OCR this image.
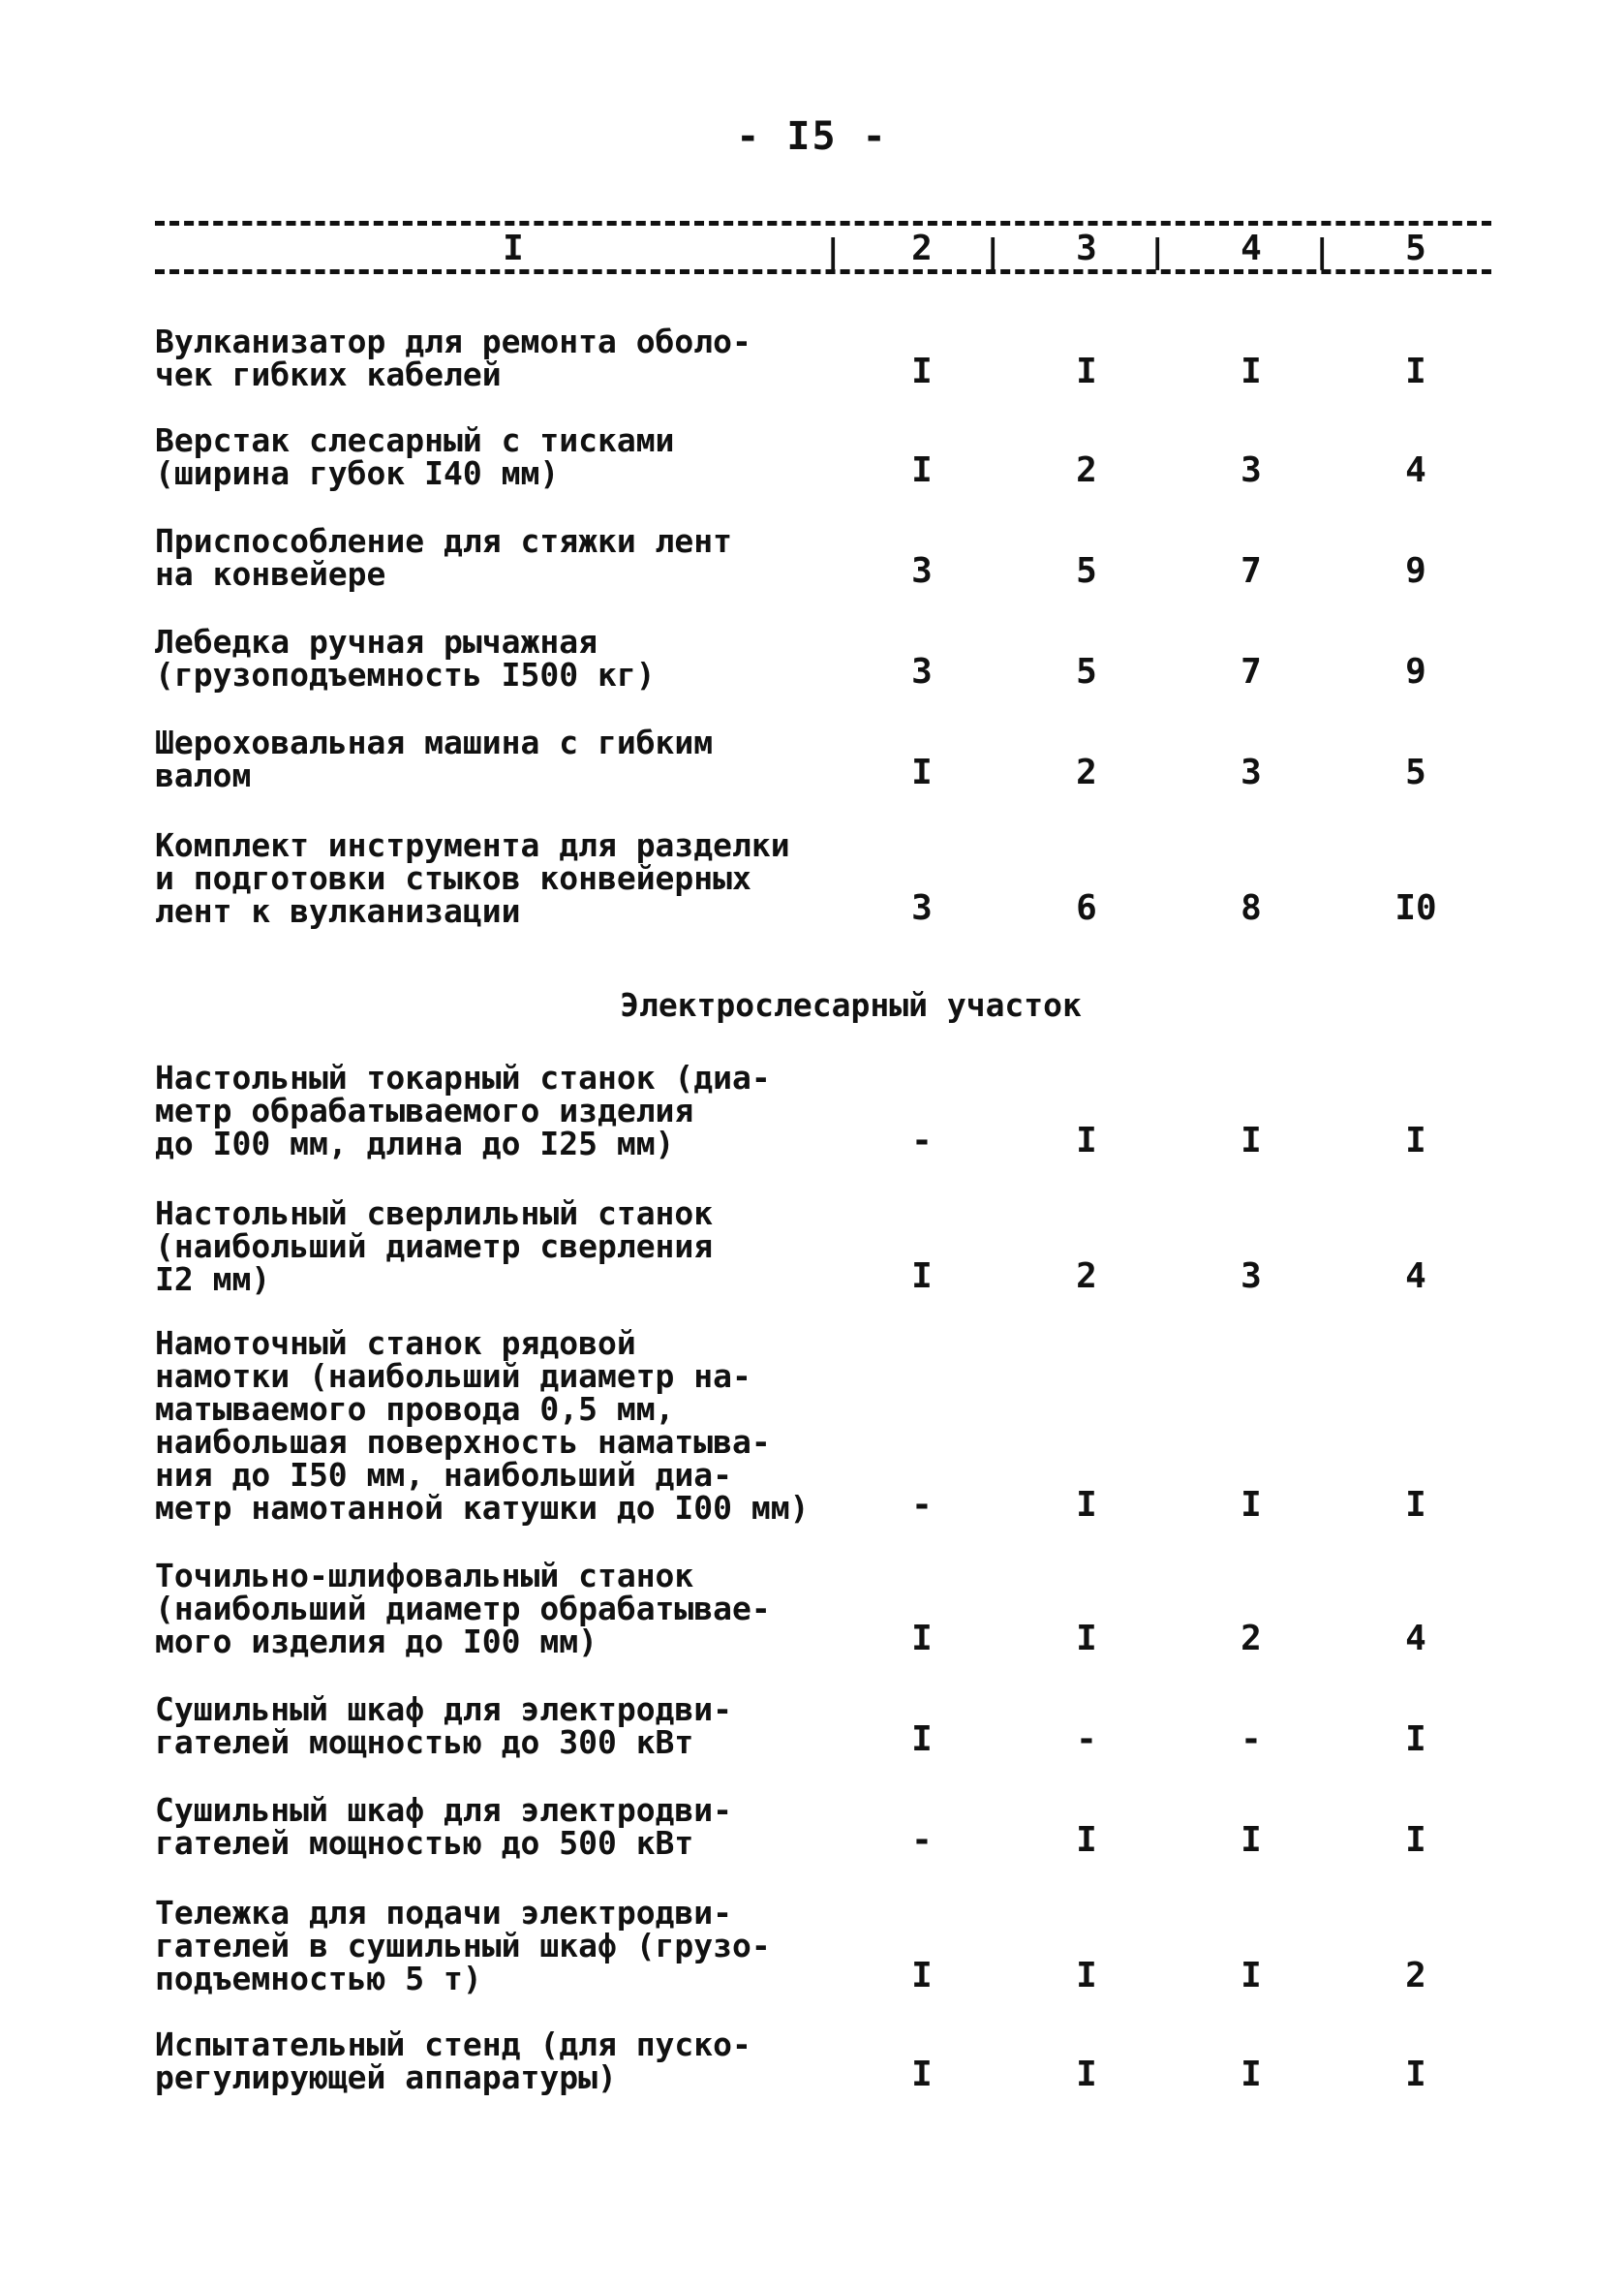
- I5 -
I	|	2	|	3	|	4	|	5
Вулканизатор для ремонта оболо-
чек гибких кабелей	I	I	I	I
Верстак слесарный с тисками
(ширина губок I40 мм)	I	2	3	4
Приспособление для стяжки лент
на конвейере	3	5	7	9
Лебедка ручная рычажная
(грузоподъемность I500 кг)	3	5	7	9
Шероховальная машина с гибким
валом	I	2	3	5
Комплект инструмента для разделки
и подготовки стыков конвейерных
лент к вулканизации	3	6	8	I0
Электрослесарный участок
Настольный токарный станок (диа-
метр обрабатываемого изделия
до I00 мм, длина до I25 мм)	-	I	I	I
Настольный сверлильный станок
(наибольший диаметр сверления
I2 мм)	I	2	3	4
Намоточный станок рядовой
намотки (наибольший диаметр на-
матываемого провода 0,5 мм,
наибольшая поверхность наматыва-
ния до I50 мм, наибольший диа-
метр намотанной катушки до I00 мм)	-	I	I	I
Точильно-шлифовальный станок
(наибольший диаметр обрабатывае-
мого изделия до I00 мм)	I	I	2	4
Сушильный шкаф для электродви-
гателей мощностью до 300 кВт	I	-	-	I
Сушильный шкаф для электродви-
гателей мощностью до 500 кВт	-	I	I	I
Тележка для подачи электродви-
гателей в сушильный шкаф (грузо-
подъемностью 5 т)	I	I	I	2
Испытательный стенд (для пуско-
регулирующей аппаратуры)	I	I	I	I
